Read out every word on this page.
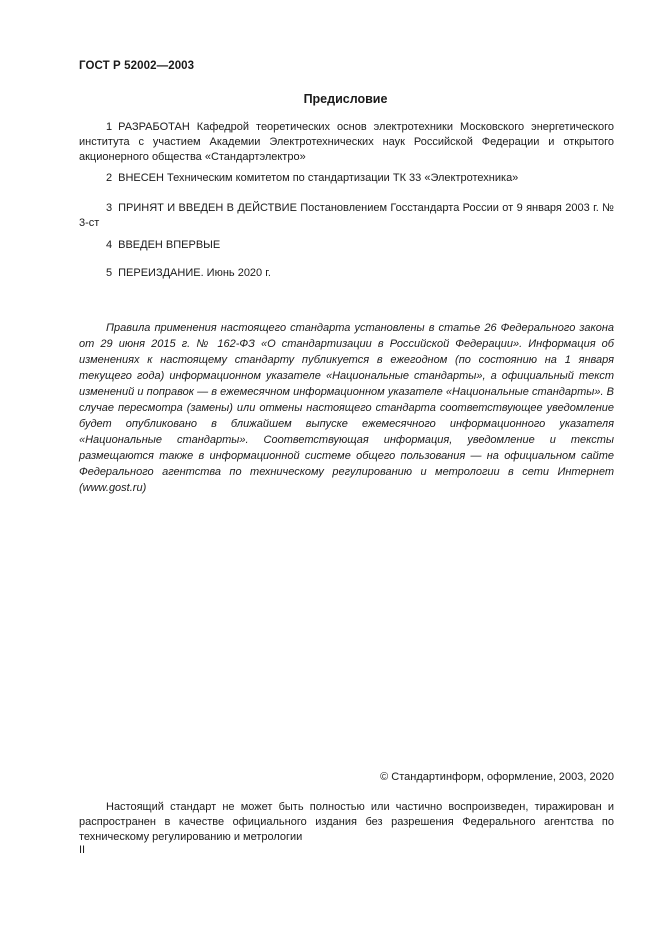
ГОСТ Р 52002—2003
Предисловие

1 РАЗРАБОТАН Кафедрой теоретических основ электротехники Московского энергетического института с участием Академии Электротехнических наук Российской Федерации и открытого акционерного общества «Стандартэлектро»

2 ВНЕСЕН Техническим комитетом по стандартизации ТК 33 «Электротехника»

3 ПРИНЯТ И ВВЕДЕН В ДЕЙСТВИЕ Постановлением Госстандарта России от 9 января 2003 г. № 3-ст

4 ВВЕДЕН ВПЕРВЫЕ

5 ПЕРЕИЗДАНИЕ. Июнь 2020 г.

Правила применения настоящего стандарта установлены в статье 26 Федерального закона от 29 июня 2015 г. № 162-ФЗ «О стандартизации в Российской Федерации». Информация об изменениях к настоящему стандарту публикуется в ежегодном (по состоянию на 1 января текущего года) информационном указателе «Национальные стандарты», а официальный текст изменений и поправок — в ежемесячном информационном указателе «Национальные стандарты». В случае пересмотра (замены) или отмены настоящего стандарта соответствующее уведомление будет опубликовано в ближайшем выпуске ежемесячного информационного указателя «Национальные стандарты». Соответствующая информация, уведомление и тексты размещаются также в информационной системе общего пользования — на официальном сайте Федерального агентства по техническому регулированию и метрологии в сети Интернет (www.gost.ru)

© Стандартинформ, оформление, 2003, 2020

Настоящий стандарт не может быть полностью или частично воспроизведен, тиражирован и распространен в качестве официального издания без разрешения Федерального агентства по техническому регулированию и метрологии

II
